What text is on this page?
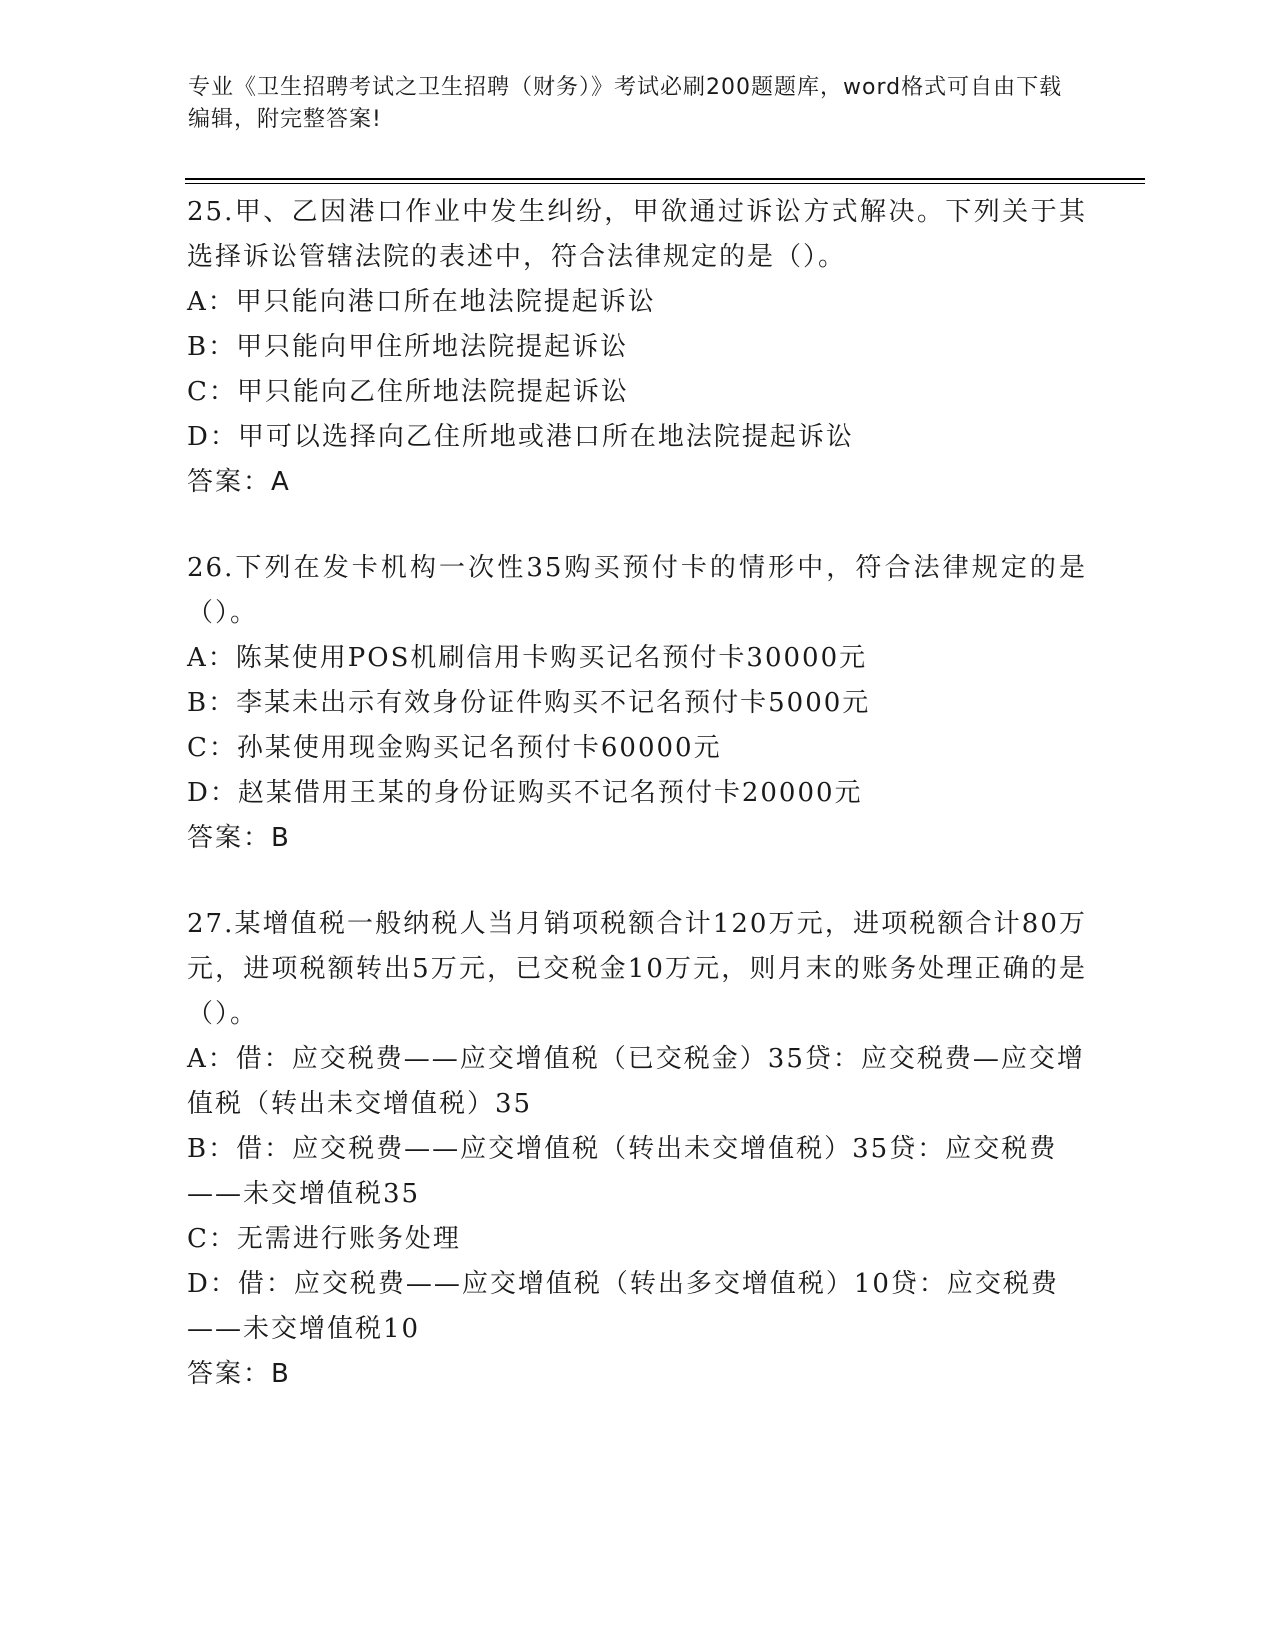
专业《卫生招聘考试之卫生招聘（财务）》考试必刷200题题库，word格式可自由下载编辑，附完整答案!

25.甲、乙因港口作业中发生纠纷，甲欲通过诉讼方式解决。下列关于其选择诉讼管辖法院的表述中，符合法律规定的是（）。

A：甲只能向港口所在地法院提起诉讼

B：甲只能向甲住所地法院提起诉讼

C：甲只能向乙住所地法院提起诉讼

D：甲可以选择向乙住所地或港口所在地法院提起诉讼

答案：A

26.下列在发卡机构一次性35购买预付卡的情形中，符合法律规定的是（）。

A：陈某使用POS机刷信用卡购买记名预付卡30000元

B：李某未出示有效身份证件购买不记名预付卡5000元

C：孙某使用现金购买记名预付卡60000元

D：赵某借用王某的身份证购买不记名预付卡20000元

答案：B

27.某增值税一般纳税人当月销项税额合计120万元，进项税额合计80万元，进项税额转出5万元，已交税金10万元，则月末的账务处理正确的是（）。

A：借：应交税费——应交增值税（已交税金）35贷：应交税费—应交增值税（转出未交增值税）35

B：借：应交税费——应交增值税（转出未交增值税）35贷：应交税费——未交增值税35

C：无需进行账务处理

D：借：应交税费——应交增值税（转出多交增值税）10贷：应交税费——未交增值税10

答案：B
